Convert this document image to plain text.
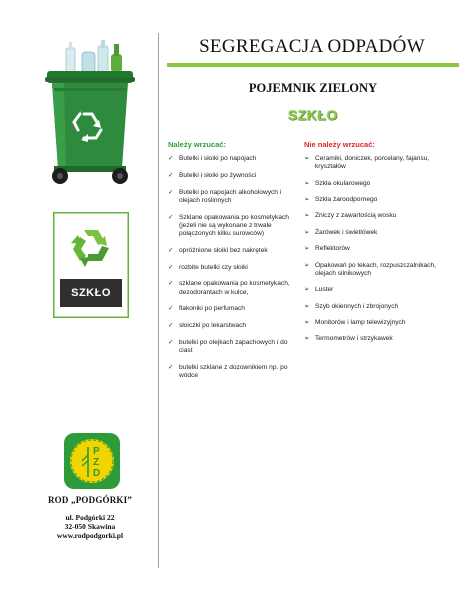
SZKŁO
P
Z
D
ROD „PODGÓRKI”
ul. Podgórki 22
32-050 Skawina
www.rodpodgorki.pl
SEGREGACJA ODPADÓW
POJEMNIK ZIELONY
SZKŁO
Należy wrzucać:
✓ Butelki i słoiki po napojach
✓ Butelki i słoiki po żywności
✓ Butelki po napojach alkoholowych i olejach roślinnych
✓ Szklane opakowania po kosmetykach (jeżeli nie są wykonane z trwale połączonych kilku surowców)
✓ opróżnione słoiki bez nakrętek
✓ rozbite butelki czy słoiki
✓ szklane opakowania po kosmetykach, dezodorantach w kulce,
✓ flakoniki po perfumach
✓ słoiczki po lekarstwach
✓ butelki po olejkach zapachowych i do ciast
✓ butelki szklane z dozownikiem np. po wódce
Nie należy wrzucać:
➢ Ceramiki, doniczek, porcelany, fajansu, kryształów
➢ Szkła okularowego
➢ Szkła żaroodpornego
➢ Zniczy z zawartością wosku
➢ Żarówek i świetlówek
➢ Reflektorów
➢ Opakowań po lekach, rozpuszczalnikach, olejach silnikowych
➢ Luster
➢ Szyb okiennych i zbrojonych
➢ Monitorów i lamp telewizyjnych
➢ Termometrów i strzykawek
